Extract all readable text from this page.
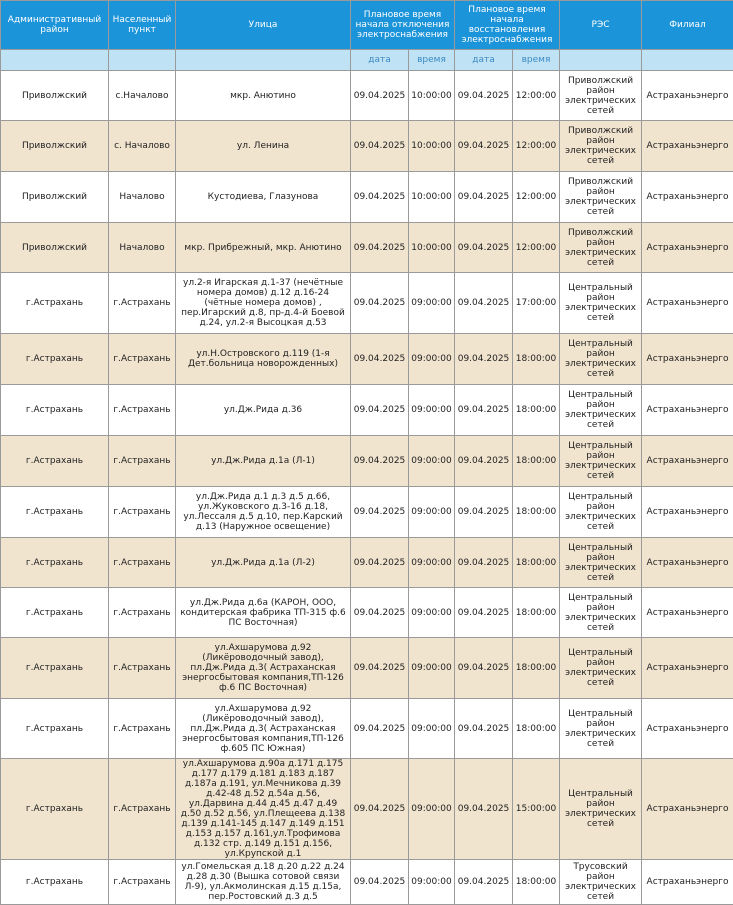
Административный район	Населенный пункт	Улица	Плановое время начала отключения электроснабжения		Плановое время начала восстановления электроснабжения		РЭС	Филиал
			дата	время	дата	время		
Приволжский	с.Началово	мкр. Анютино	09.04.2025	10:00:00	09.04.2025	12:00:00	Приволжский район электрических сетей	Астраханьэнерго
Приволжский	с. Началово	ул. Ленина	09.04.2025	10:00:00	09.04.2025	12:00:00	Приволжский район электрических сетей	Астраханьэнерго
Приволжский	Началово	Кустодиева, Глазунова	09.04.2025	10:00:00	09.04.2025	12:00:00	Приволжский район электрических сетей	Астраханьэнерго
Приволжский	Началово	мкр. Прибрежный, мкр. Анютино	09.04.2025	10:00:00	09.04.2025	12:00:00	Приволжский район электрических сетей	Астраханьэнерго
г.Астрахань	г.Астрахань	ул.2-я Игарская д.1-37 (нечётные номера домов) д.12 д.16-24 (чётные номера домов) , пер.Игарский д.8, пр-д.4-й Боевой д.24, ул.2-я Высоцкая д.53	09.04.2025	09:00:00	09.04.2025	17:00:00	Центральный район электрических сетей	Астраханьэнерго
г.Астрахань	г.Астрахань	ул.Н.Островского д.119 (1-я Дет.больница новорожденных)	09.04.2025	09:00:00	09.04.2025	18:00:00	Центральный район электрических сетей	Астраханьэнерго
г.Астрахань	г.Астрахань	ул.Дж.Рида д.36	09.04.2025	09:00:00	09.04.2025	18:00:00	Центральный район электрических сетей	Астраханьэнерго
г.Астрахань	г.Астрахань	ул.Дж.Рида д.1а (Л-1)	09.04.2025	09:00:00	09.04.2025	18:00:00	Центральный район электрических сетей	Астраханьэнерго
г.Астрахань	г.Астрахань	ул.Дж.Рида д.1 д.3 д.5 д.66, ул.Жуковского д.3-16 д.18, ул.Лессаля д.5 д.10, пер.Карский д.13 (Наружное освещение)	09.04.2025	09:00:00	09.04.2025	18:00:00	Центральный район электрических сетей	Астраханьэнерго
г.Астрахань	г.Астрахань	ул.Дж.Рида д.1а (Л-2)	09.04.2025	09:00:00	09.04.2025	18:00:00	Центральный район электрических сетей	Астраханьэнерго
г.Астрахань	г.Астрахань	ул.Дж.Рида д.6а (КАРОН, ООО, кондитерская фабрика ТП-315 ф.6 ПС Восточная)	09.04.2025	09:00:00	09.04.2025	18:00:00	Центральный район электрических сетей	Астраханьэнерго
г.Астрахань	г.Астрахань	ул.Ахшарумова д.92 (Ликёроводочный завод), пл.Дж.Рида д.3( Астраханская энергосбытовая компания,ТП-126 ф.6 ПС Восточная)	09.04.2025	09:00:00	09.04.2025	18:00:00	Центральный район электрических сетей	Астраханьэнерго
г.Астрахань	г.Астрахань	ул.Ахшарумова д.92 (Ликёроводочный завод), пл.Дж.Рида д.3( Астраханская энергосбытовая компания,ТП-126 ф.605 ПС Южная)	09.04.2025	09:00:00	09.04.2025	18:00:00	Центральный район электрических сетей	Астраханьэнерго
г.Астрахань	г.Астрахань	ул.Ахшарумова д.90а д.171 д.175 д.177 д.179 д.181 д.183 д.187 д.187а д.191, ул.Мечникова д.39 д.42-48 д.52 д.54а д.56, ул.Дарвина д.44 д.45 д.47 д.49 д.50 д.52 д.56, ул.Плещеева д.138 д.139 д.141-145 д.147 д.149 д.151 д.153 д.157 д.161,ул.Трофимова д.132 стр. д.149 д.151 д.156, ул.Крупской д.1	09.04.2025	09:00:00	09.04.2025	15:00:00	Центральный район электрических сетей	Астраханьэнерго
г.Астрахань	г.Астрахань	ул.Гомельская д.18 д.20 д.22 д.24 д.28 д.30 (Вышка сотовой связи Л-9), ул.Акмолинская д.15 д.15а, пер.Ростовский д.3 д.5	09.04.2025	09:00:00	09.04.2025	18:00:00	Трусовский район электрических сетей	Астраханьэнерго
